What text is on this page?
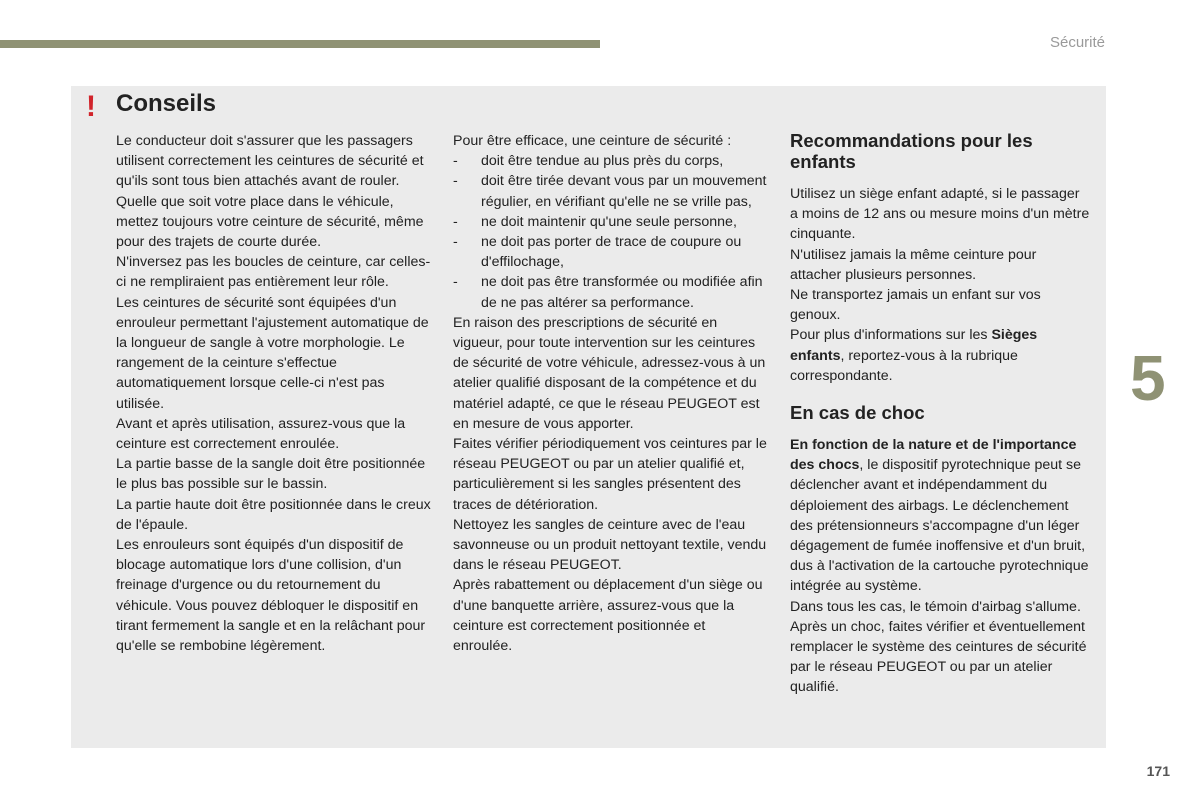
Sécurité
5
171
! Conseils

Le conducteur doit s'assurer que les passagers utilisent correctement les ceintures de sécurité et qu'ils sont tous bien attachés avant de rouler.

Quelle que soit votre place dans le véhicule, mettez toujours votre ceinture de sécurité, même pour des trajets de courte durée.

N'inversez pas les boucles de ceinture, car celles-ci ne rempliraient pas entièrement leur rôle.

Les ceintures de sécurité sont équipées d'un enrouleur permettant l'ajustement automatique de la longueur de sangle à votre morphologie. Le rangement de la ceinture s'effectue automatiquement lorsque celle-ci n'est pas utilisée.

Avant et après utilisation, assurez-vous que la ceinture est correctement enroulée.

La partie basse de la sangle doit être positionnée le plus bas possible sur le bassin.

La partie haute doit être positionnée dans le creux de l'épaule.

Les enrouleurs sont équipés d'un dispositif de blocage automatique lors d'une collision, d'un freinage d'urgence ou du retournement du véhicule. Vous pouvez débloquer le dispositif en tirant fermement la sangle et en la relâchant pour qu'elle se rembobine légèrement.

Pour être efficace, une ceinture de sécurité :

- doit être tendue au plus près du corps,
- doit être tirée devant vous par un mouvement régulier, en vérifiant qu'elle ne se vrille pas,
- ne doit maintenir qu'une seule personne,
- ne doit pas porter de trace de coupure ou d'effilochage,
- ne doit pas être transformée ou modifiée afin de ne pas altérer sa performance.

En raison des prescriptions de sécurité en vigueur, pour toute intervention sur les ceintures de sécurité de votre véhicule, adressez-vous à un atelier qualifié disposant de la compétence et du matériel adapté, ce que le réseau PEUGEOT est en mesure de vous apporter.

Faites vérifier périodiquement vos ceintures par le réseau PEUGEOT ou par un atelier qualifié et, particulièrement si les sangles présentent des traces de détérioration.

Nettoyez les sangles de ceinture avec de l'eau savonneuse ou un produit nettoyant textile, vendu dans le réseau PEUGEOT.

Après rabattement ou déplacement d'un siège ou d'une banquette arrière, assurez-vous que la ceinture est correctement positionnée et enroulée.

Recommandations pour les enfants

Utilisez un siège enfant adapté, si le passager a moins de 12 ans ou mesure moins d'un mètre cinquante.

N'utilisez jamais la même ceinture pour attacher plusieurs personnes.

Ne transportez jamais un enfant sur vos genoux.

Pour plus d'informations sur les Sièges enfants, reportez-vous à la rubrique correspondante.

En cas de choc

En fonction de la nature et de l'importance des chocs, le dispositif pyrotechnique peut se déclencher avant et indépendamment du déploiement des airbags. Le déclenchement des prétensionneurs s'accompagne d'un léger dégagement de fumée inoffensive et d'un bruit, dus à l'activation de la cartouche pyrotechnique intégrée au système.

Dans tous les cas, le témoin d'airbag s'allume.

Après un choc, faites vérifier et éventuellement remplacer le système des ceintures de sécurité par le réseau PEUGEOT ou par un atelier qualifié.
